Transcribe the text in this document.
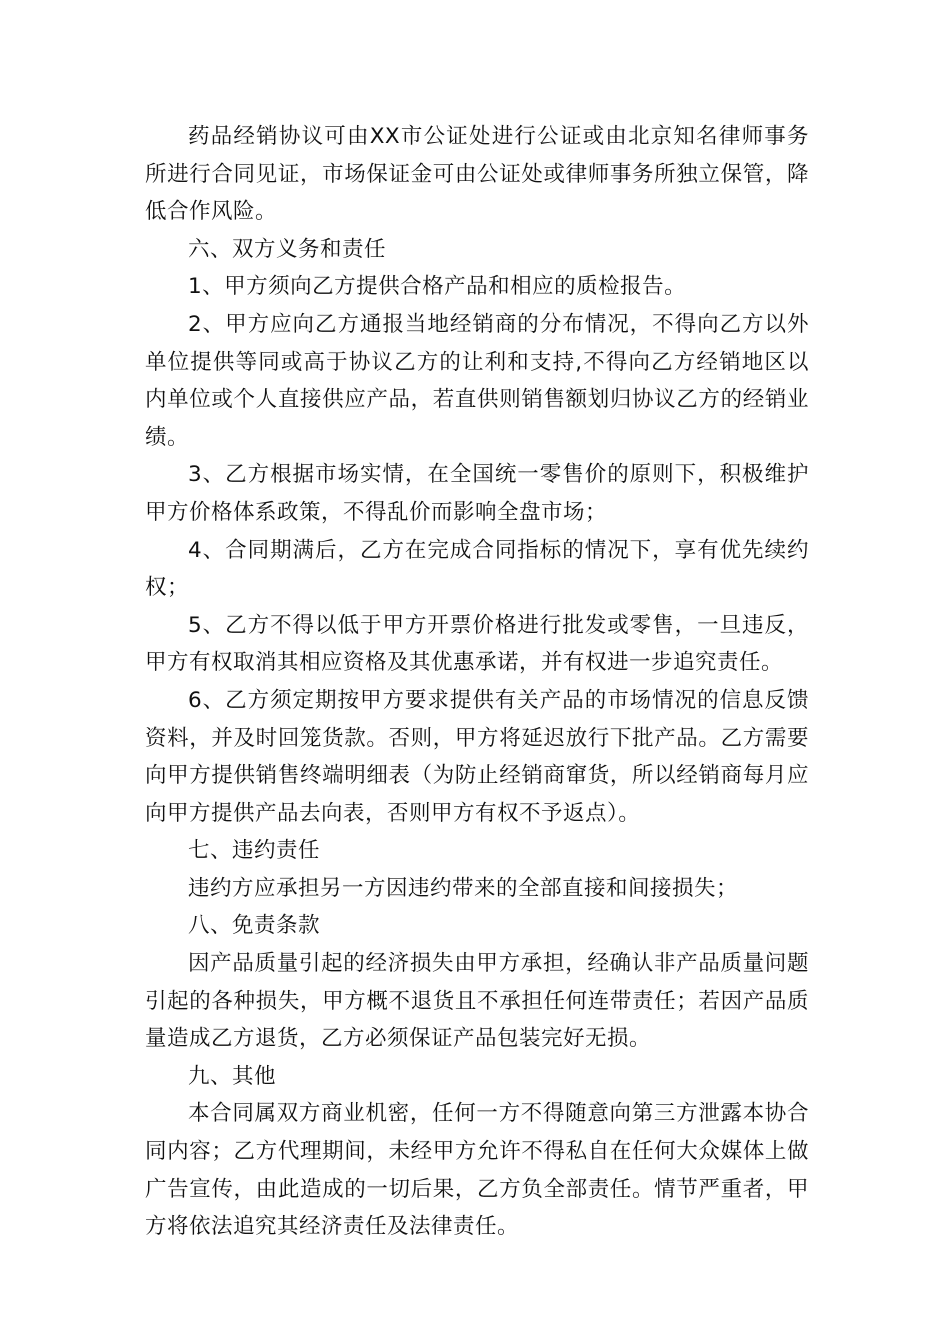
药品经销协议可由XX市公证处进行公证或由北京知名律师事务所进行合同见证，市场保证金可由公证处或律师事务所独立保管，降低合作风险。

六、双方义务和责任

1、甲方须向乙方提供合格产品和相应的质检报告。

2、甲方应向乙方通报当地经销商的分布情况，不得向乙方以外单位提供等同或高于协议乙方的让利和支持,不得向乙方经销地区以内单位或个人直接供应产品，若直供则销售额划归协议乙方的经销业绩。

3、乙方根据市场实情，在全国统一零售价的原则下，积极维护甲方价格体系政策，不得乱价而影响全盘市场；

4、合同期满后，乙方在完成合同指标的情况下，享有优先续约权；

5、乙方不得以低于甲方开票价格进行批发或零售，一旦违反，甲方有权取消其相应资格及其优惠承诺，并有权进一步追究责任。

6、乙方须定期按甲方要求提供有关产品的市场情况的信息反馈资料，并及时回笼货款。否则，甲方将延迟放行下批产品。乙方需要向甲方提供销售终端明细表（为防止经销商窜货，所以经销商每月应向甲方提供产品去向表，否则甲方有权不予返点）。

七、违约责任

违约方应承担另一方因违约带来的全部直接和间接损失；

八、免责条款

因产品质量引起的经济损失由甲方承担，经确认非产品质量问题引起的各种损失，甲方概不退货且不承担任何连带责任；若因产品质量造成乙方退货，乙方必须保证产品包装完好无损。

九、其他

本合同属双方商业机密，任何一方不得随意向第三方泄露本协合同内容；乙方代理期间，未经甲方允许不得私自在任何大众媒体上做广告宣传，由此造成的一切后果，乙方负全部责任。情节严重者，甲方将依法追究其经济责任及法律责任。
